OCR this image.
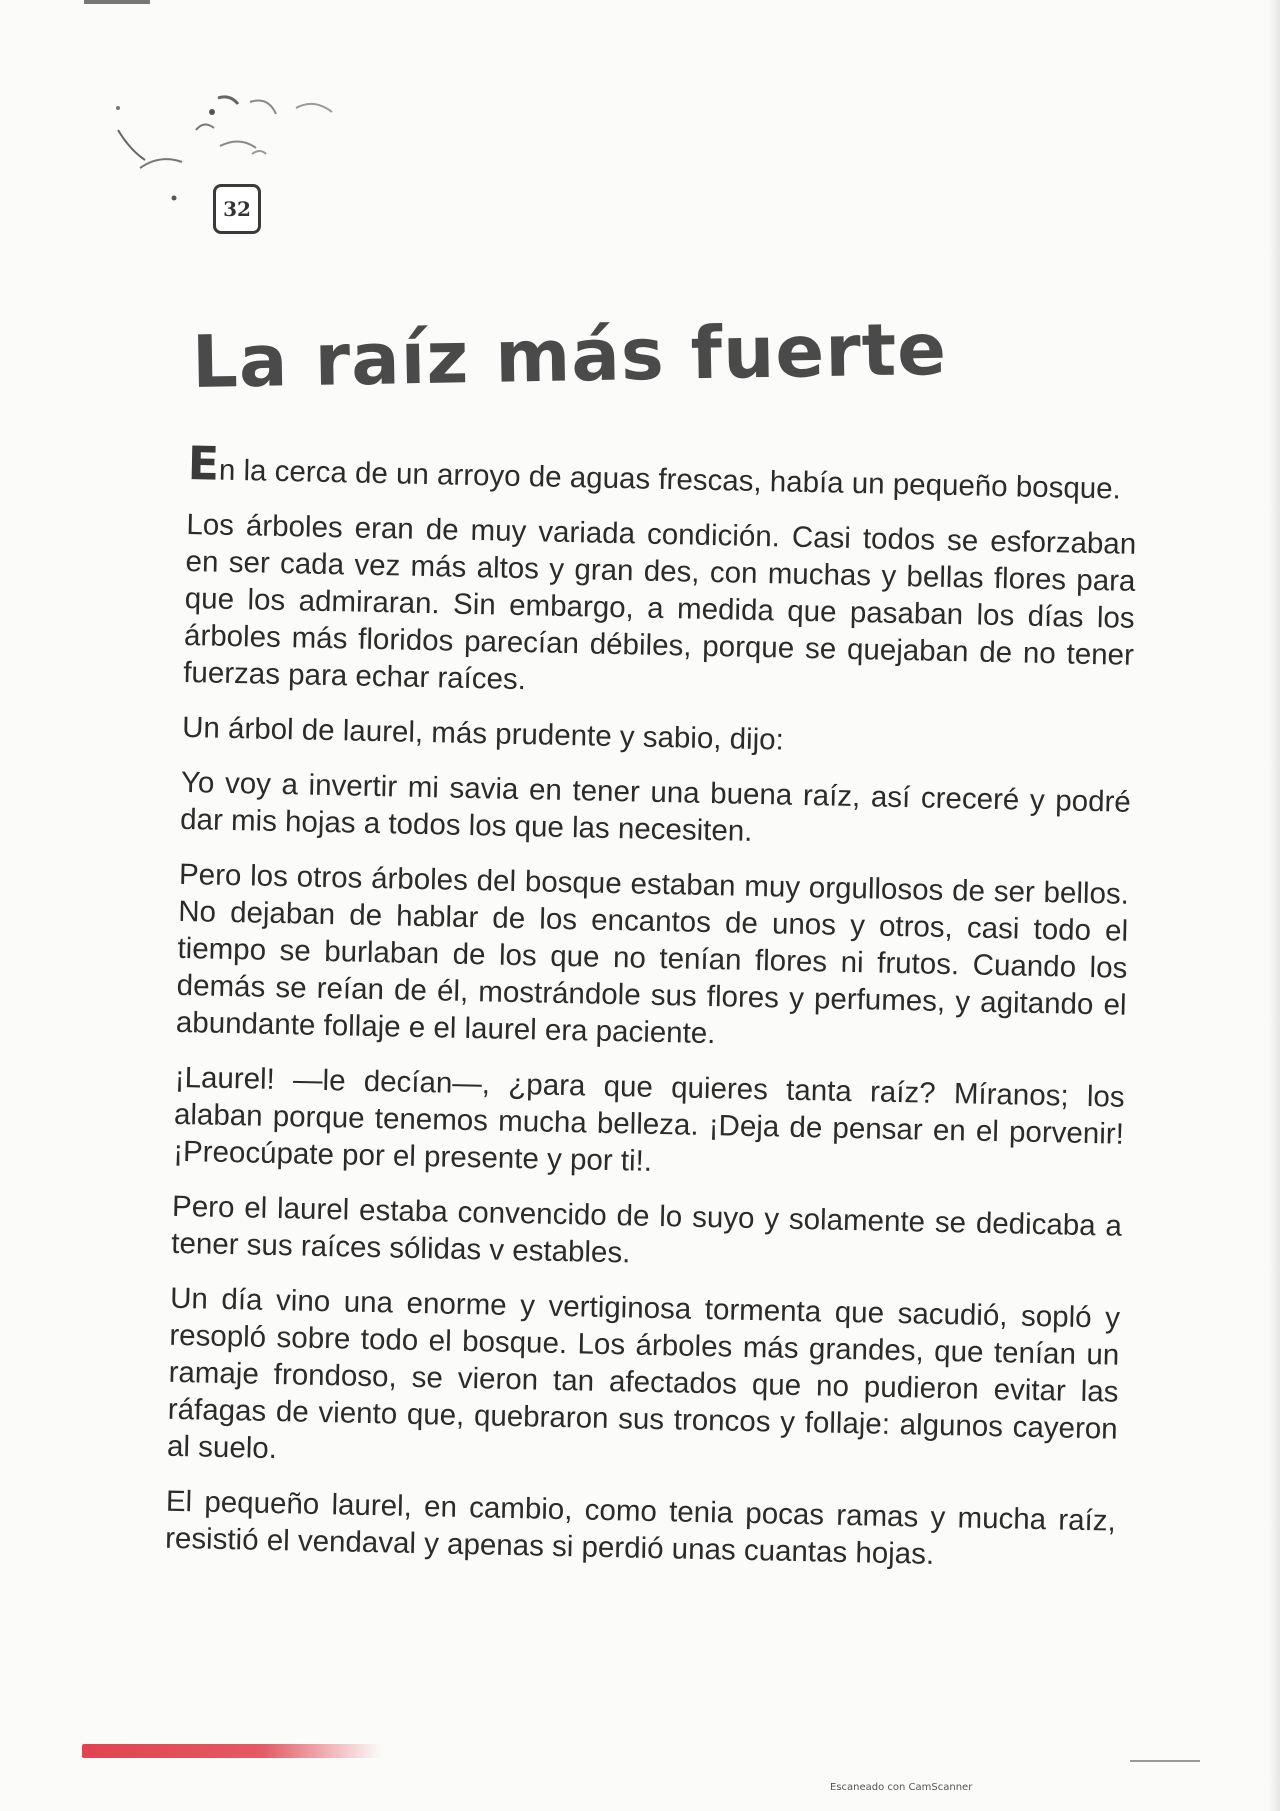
32
La raíz más fuerte

En la cerca de un arroyo de aguas frescas, había un pequeño bosque.

Los árboles eran de muy variada condición. Casi todos se esforzaban en ser cada vez más altos y gran des, con muchas y bellas flores para que los admiraran. Sin embargo, a medida que pasaban los días los árboles más floridos parecían débiles, porque se quejaban de no tener fuerzas para echar raíces.

Un árbol de laurel, más prudente y sabio, dijo:

Yo voy a invertir mi savia en tener una buena raíz, así creceré y podré dar mis hojas a todos los que las necesiten.

Pero los otros árboles del bosque estaban muy orgullosos de ser bellos. No dejaban de hablar de los encantos de unos y otros, casi todo el tiempo se burlaban de los que no tenían flores ni frutos. Cuando los demás se reían de él, mostrándole sus flores y perfumes, y agitando el abundante follaje e el laurel era paciente.

¡Laurel! —le decían—, ¿para que quieres tanta raíz? Míranos; los alaban porque tenemos mucha belleza. ¡Deja de pensar en el porvenir! ¡Preocúpate por el presente y por ti!.

Pero el laurel estaba convencido de lo suyo y solamente se dedicaba a tener sus raíces sólidas v estables.

Un día vino una enorme y vertiginosa tormenta que sacudió, sopló y resopló sobre todo el bosque. Los árboles más grandes, que tenían un ramaje frondoso, se vieron tan afectados que no pudieron evitar las ráfagas de viento que, quebraron sus troncos y follaje: algunos cayeron al suelo.

El pequeño laurel, en cambio, como tenia pocas ramas y mucha raíz, resistió el vendaval y apenas si perdió unas cuantas hojas.

Escaneado con CamScanner
